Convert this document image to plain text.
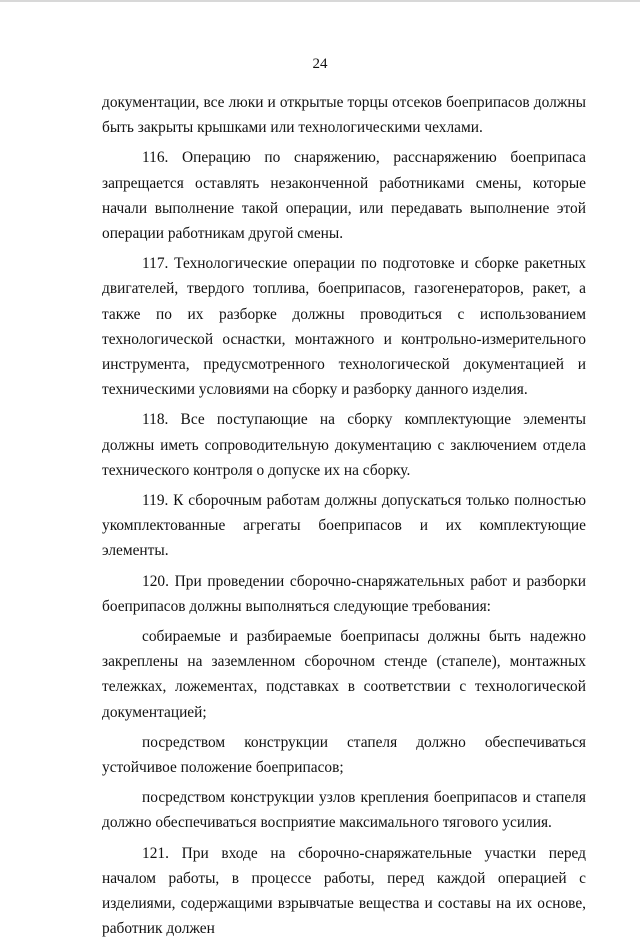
24

документации, все люки и открытые торцы отсеков боеприпасов должны быть закрыты крышками или технологическими чехлами.

116. Операцию по снаряжению, расснаряжению боеприпаса запрещается оставлять незаконченной работниками смены, которые начали выполнение такой операции, или передавать выполнение этой операции работникам другой смены.

117. Технологические операции по подготовке и сборке ракетных двигателей, твердого топлива, боеприпасов, газогенераторов, ракет, а также по их разборке должны проводиться с использованием технологической оснастки, монтажного и контрольно-измерительного инструмента, предусмотренного технологической документацией и техническими условиями на сборку и разборку данного изделия.

118. Все поступающие на сборку комплектующие элементы должны иметь сопроводительную документацию с заключением отдела технического контроля о допуске их на сборку.

119. К сборочным работам должны допускаться только полностью укомплектованные агрегаты боеприпасов и их комплектующие элементы.

120. При проведении сборочно-снаряжательных работ и разборки боеприпасов должны выполняться следующие требования:

собираемые и разбираемые боеприпасы должны быть надежно закреплены на заземленном сборочном стенде (стапеле), монтажных тележках, ложементах, подставках в соответствии с технологической документацией;

посредством конструкции стапеля должно обеспечиваться устойчивое положение боеприпасов;

посредством конструкции узлов крепления боеприпасов и стапеля должно обеспечиваться восприятие максимального тягового усилия.

121. При входе на сборочно-снаряжательные участки перед началом работы, в процессе работы, перед каждой операцией с изделиями, содержащими взрывчатые вещества и составы на их основе, работник должен
